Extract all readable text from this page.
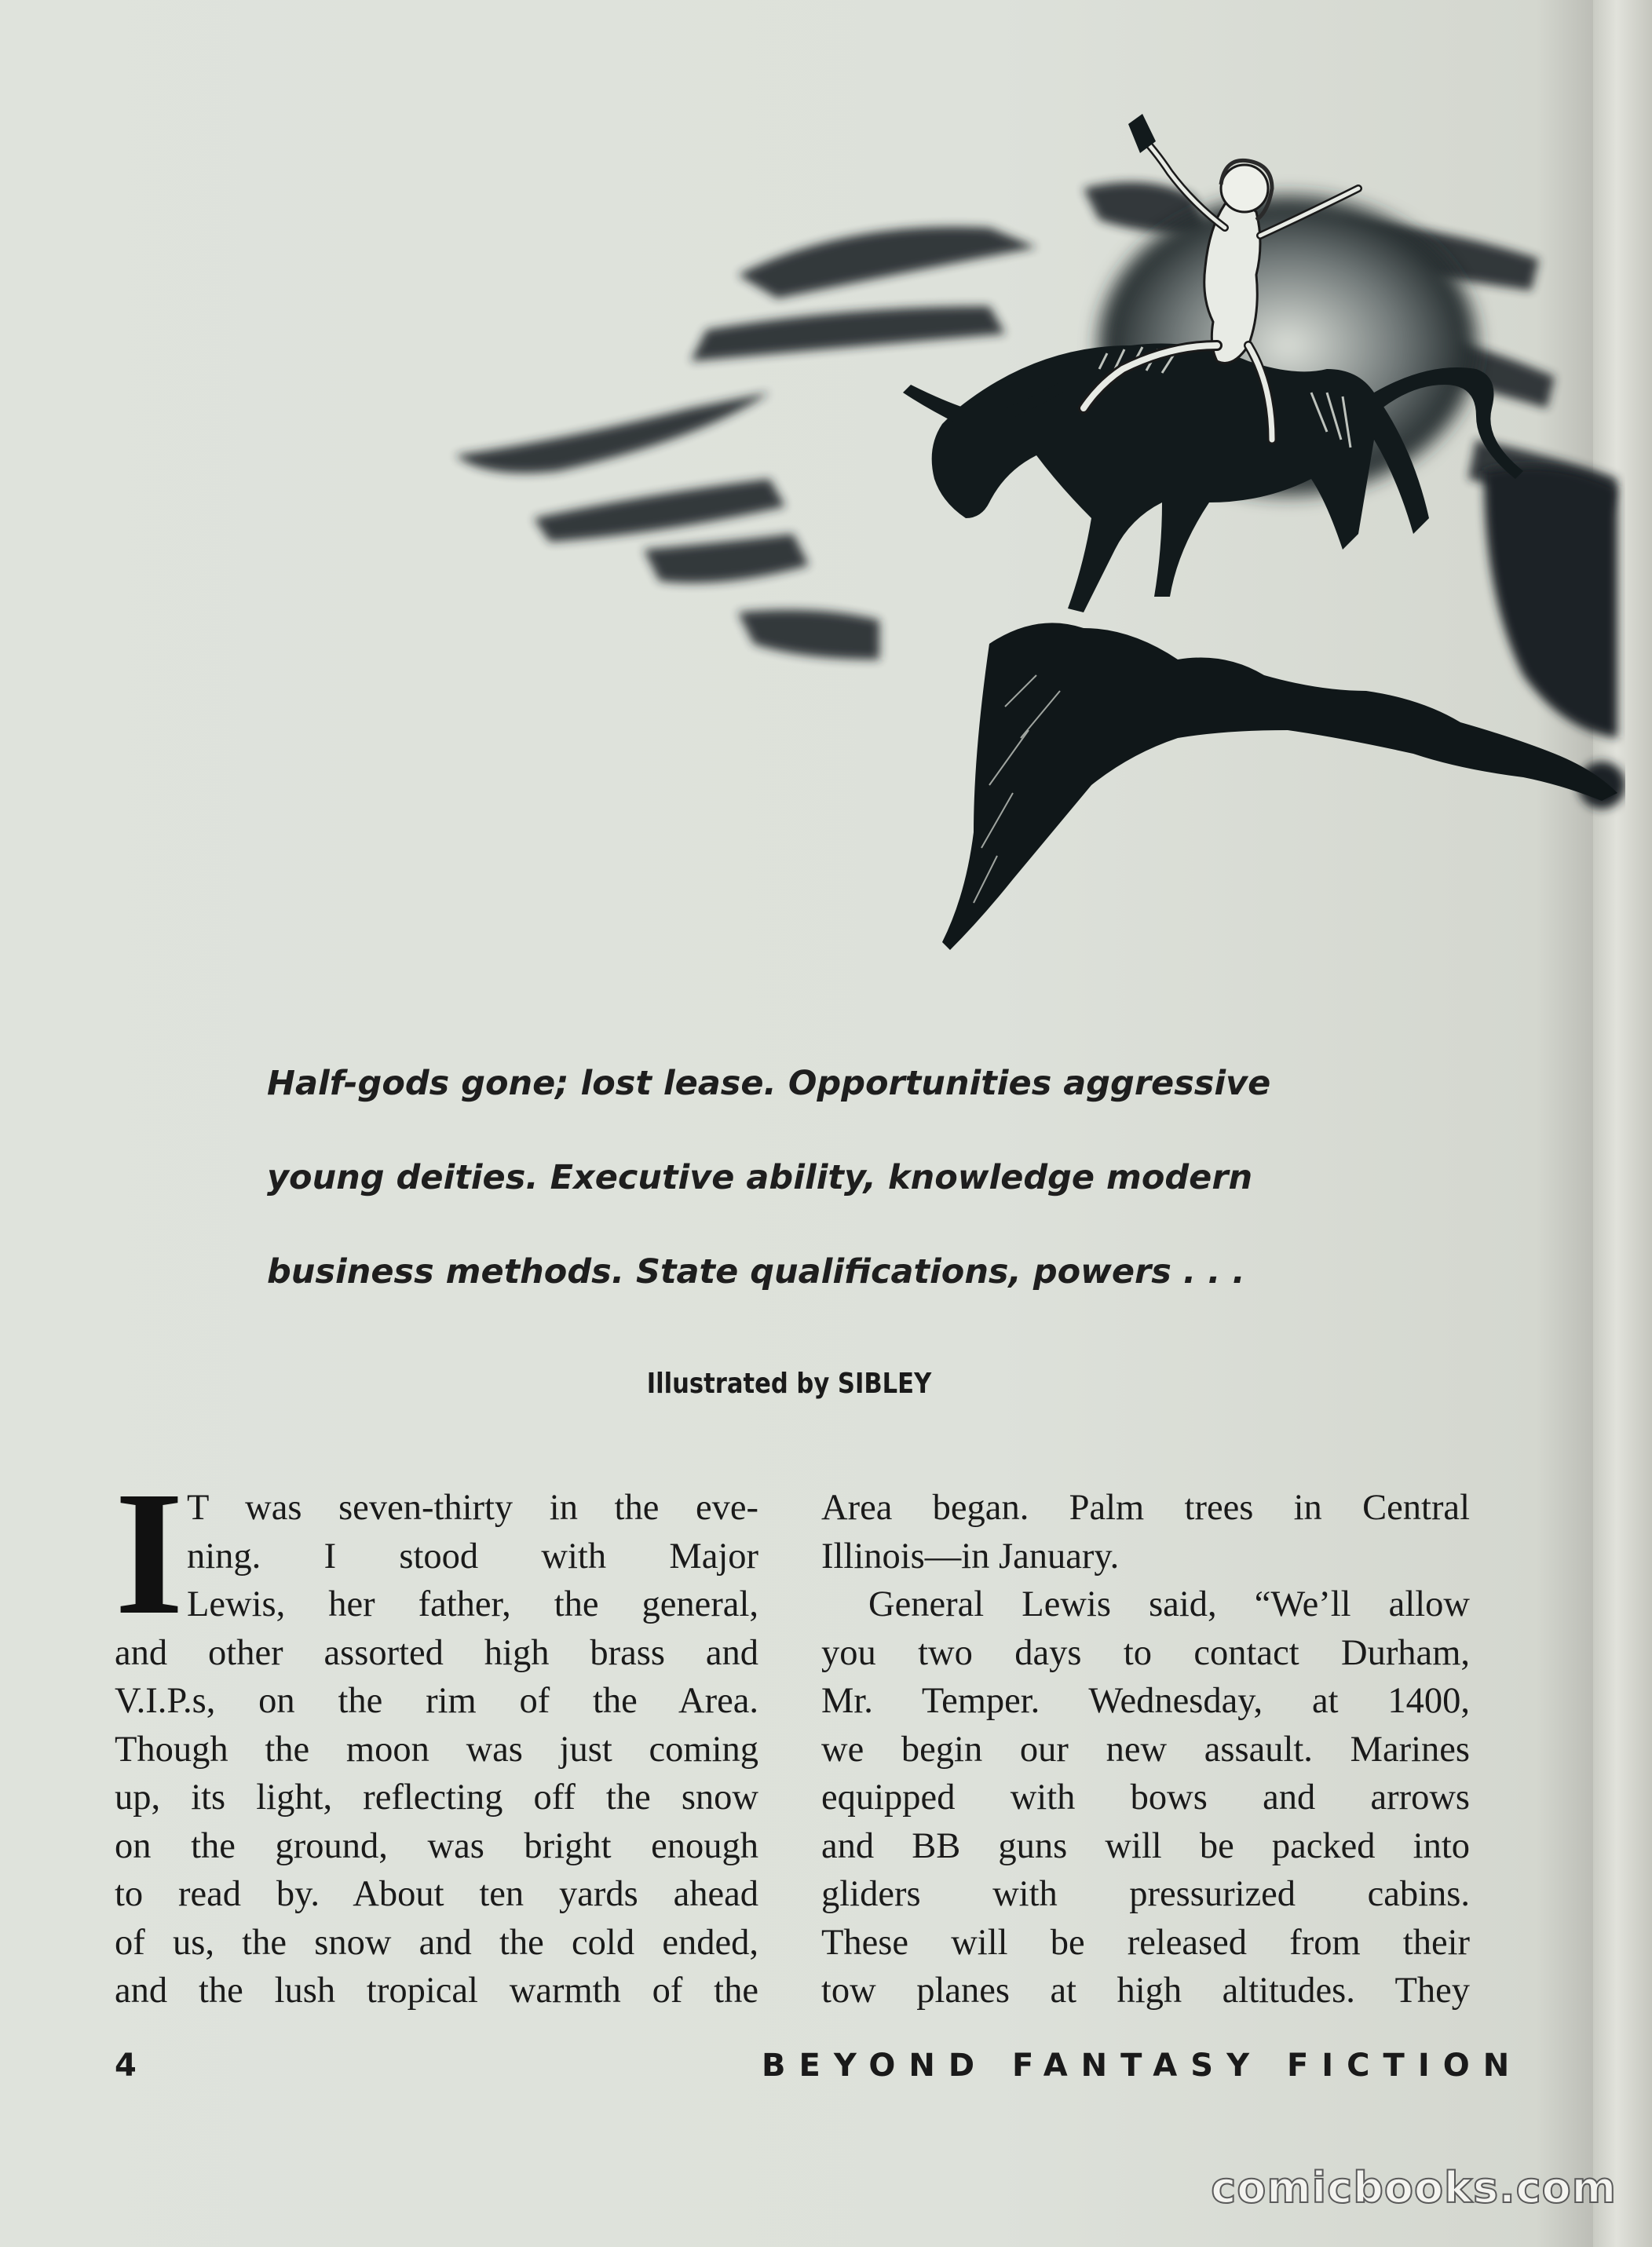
Half-gods gone; lost lease. Opportunities aggressive
young deities. Executive ability, knowledge modern
business methods. State qualifications, powers . . .
Illustrated by SIBLEY
I T was seven-thirty in the eve-
ning. I stood with Major
Lewis, her father, the general,
and other assorted high brass and
V.I.P.s, on the rim of the Area.
Though the moon was just coming
up, its light, reflecting off the snow
on the ground, was bright enough
to read by. About ten yards ahead
of us, the snow and the cold ended,
and the lush tropical warmth of the
Area began. Palm trees in Central
Illinois—in January.
General Lewis said, “We’ll allow
you two days to contact Durham,
Mr. Temper. Wednesday, at 1400,
we begin our new assault. Marines
equipped with bows and arrows
and BB guns will be packed into
gliders with pressurized cabins.
These will be released from their
tow planes at high altitudes. They
4	BEYOND FANTASY FICTION
comicbooks.com
